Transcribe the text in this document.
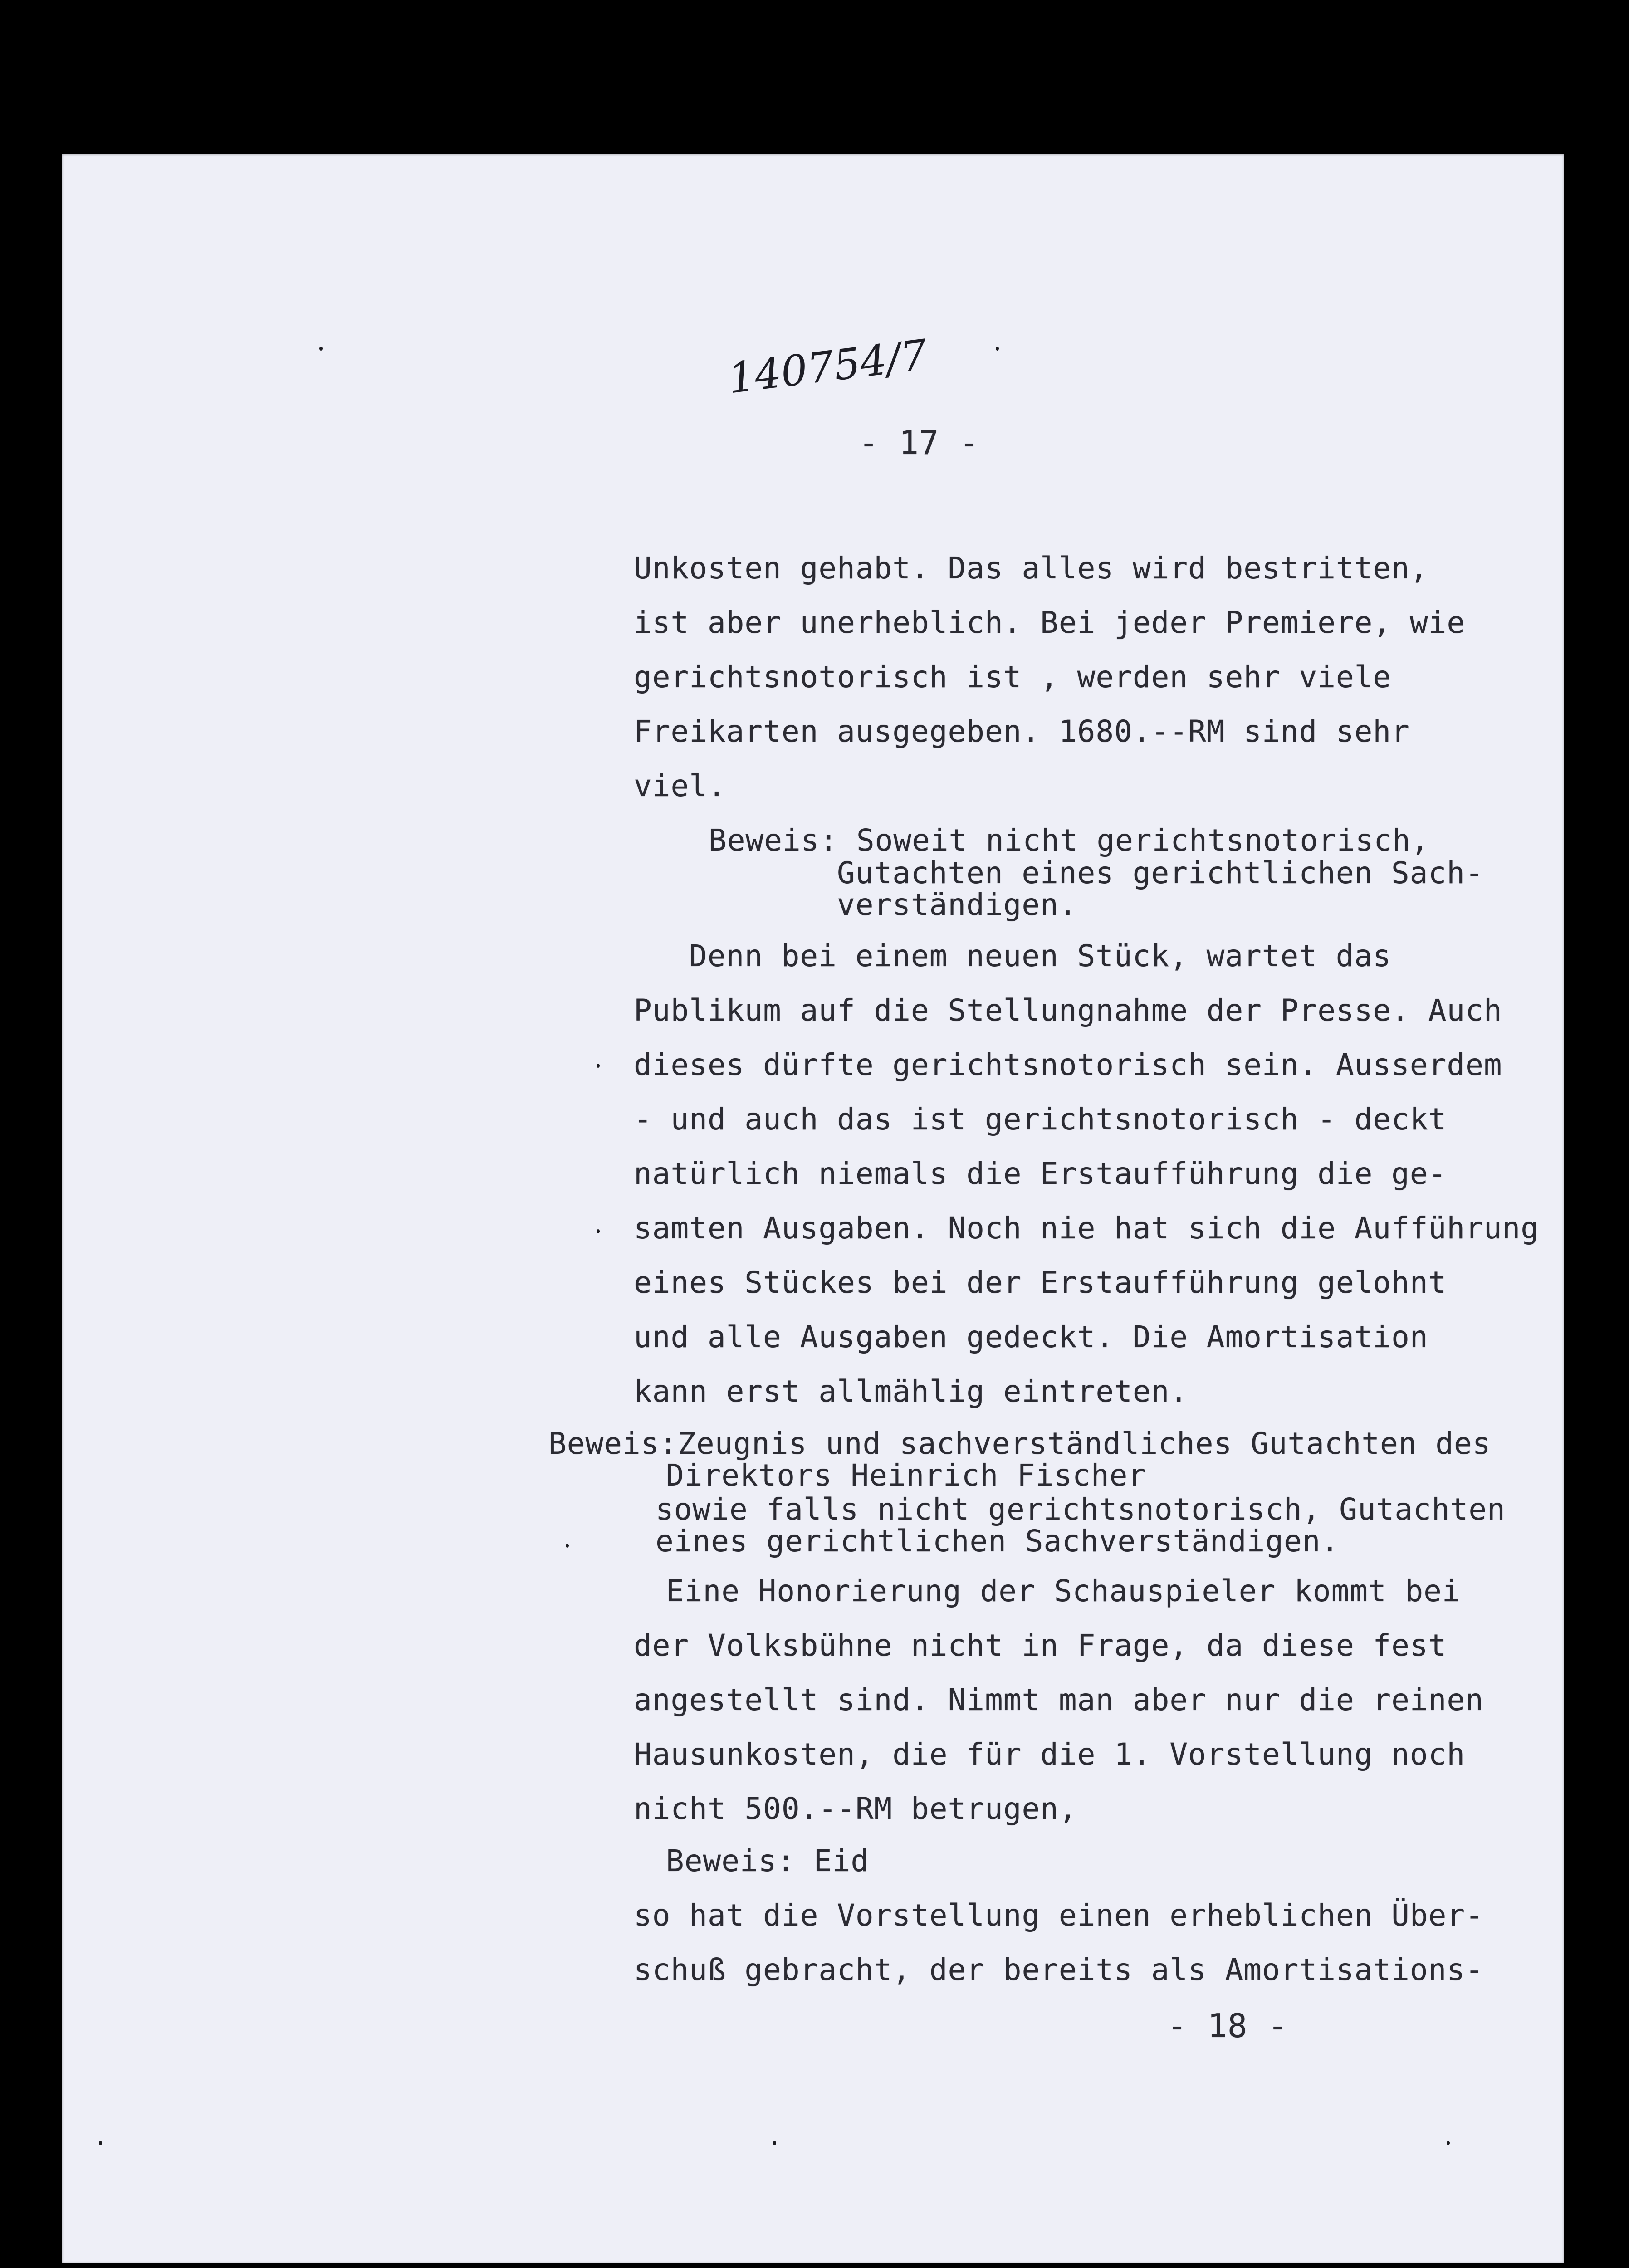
140754/7
- 17 -
Unkosten gehabt. Das alles wird bestritten,
ist aber unerheblich. Bei jeder Premiere, wie
gerichtsnotorisch ist , werden sehr viele
Freikarten ausgegeben. 1680.--RM sind sehr
viel.
Beweis: Soweit nicht gerichtsnotorisch,
Gutachten eines gerichtlichen Sach-
verständigen.
Denn bei einem neuen Stück, wartet das
Publikum auf die Stellungnahme der Presse. Auch
dieses dürfte gerichtsnotorisch sein. Ausserdem
- und auch das ist gerichtsnotorisch - deckt
natürlich niemals die Erstaufführung die ge-
samten Ausgaben. Noch nie hat sich die Aufführung
eines Stückes bei der Erstaufführung gelohnt
und alle Ausgaben gedeckt. Die Amortisation
kann erst allmählig eintreten.
Beweis:Zeugnis und sachverständliches Gutachten des
Direktors Heinrich Fischer
sowie falls nicht gerichtsnotorisch, Gutachten
eines gerichtlichen Sachverständigen.
Eine Honorierung der Schauspieler kommt bei
der Volksbühne nicht in Frage, da diese fest
angestellt sind. Nimmt man aber nur die reinen
Hausunkosten, die für die 1. Vorstellung noch
nicht 500.--RM betrugen,
Beweis: Eid
so hat die Vorstellung einen erheblichen Über-
schuß gebracht, der bereits als Amortisations-
- 18 -
